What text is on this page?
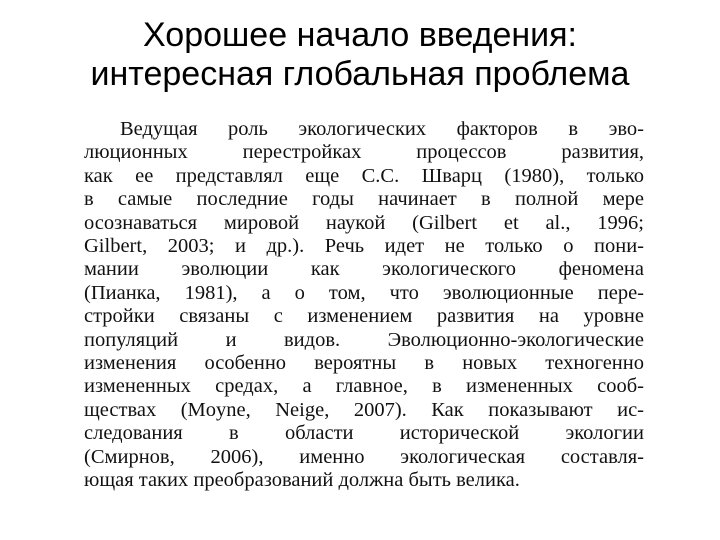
Хорошее начало введения:
интересная глобальная проблема
Ведущая роль экологических факторов в эво-
люционных перестройках процессов развития,
как ее представлял еще С.С. Шварц (1980), только
в самые последние годы начинает в полной мере
осознаваться мировой наукой (Gilbert et al., 1996;
Gilbert, 2003; и др.). Речь идет не только о пони-
мании эволюции как экологического феномена
(Пианка, 1981), а о том, что эволюционные пере-
стройки связаны с изменением развития на уровне
популяций и видов. Эволюционно-экологические
изменения особенно вероятны в новых техногенно
измененных средах, а главное, в измененных сооб-
ществах (Moyne, Neige, 2007). Как показывают ис-
следования в области исторической экологии
(Смирнов, 2006), именно экологическая составля-
ющая таких преобразований должна быть велика.
